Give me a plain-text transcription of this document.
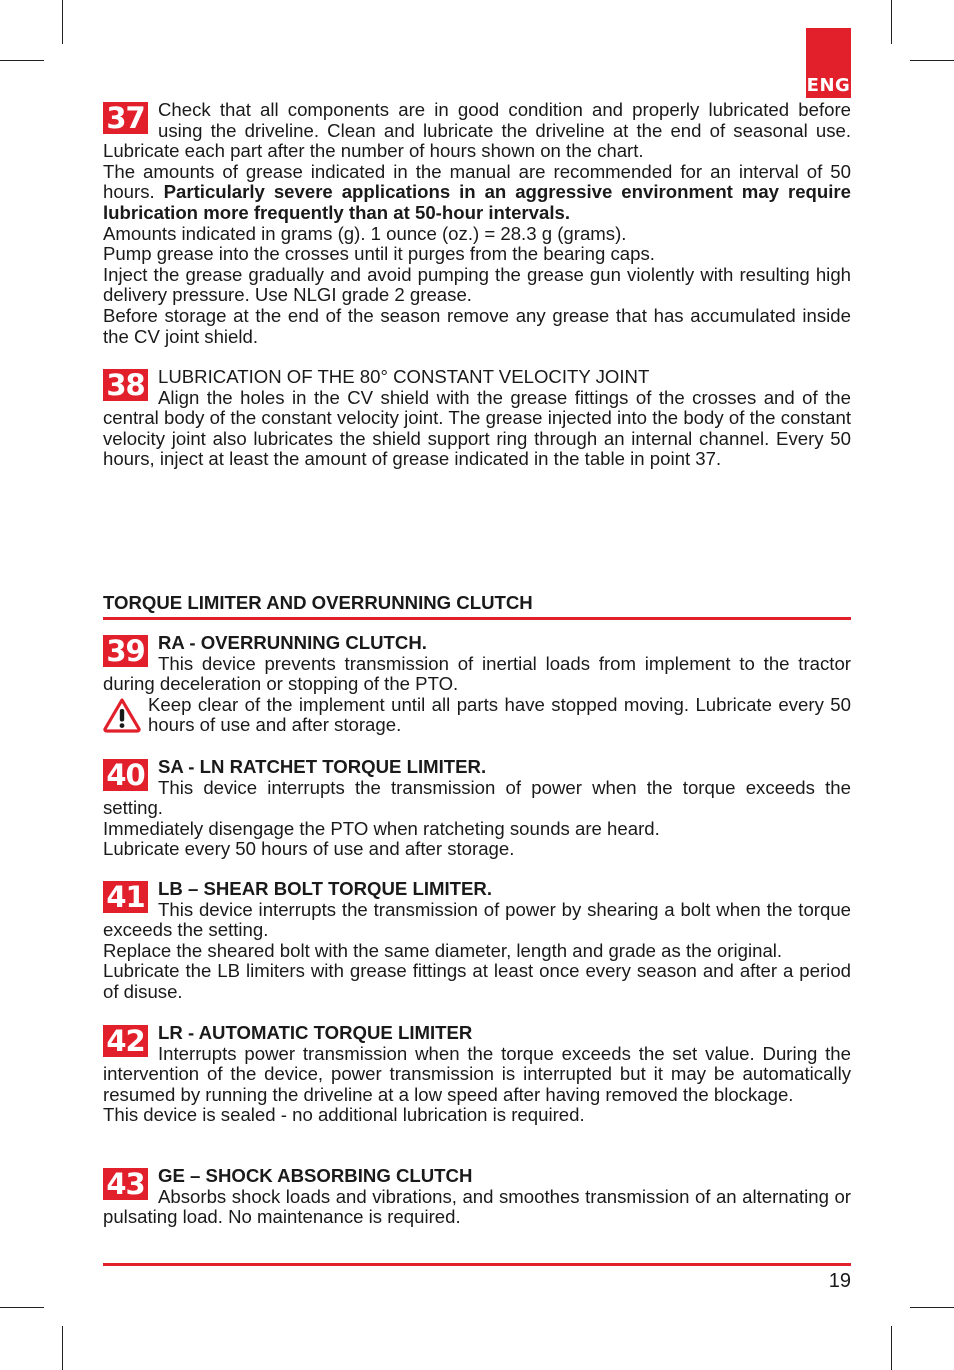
ENG
37 Check that all components are in good condition and properly lubricated before using the driveline. Clean and lubricate the driveline at the end of seasonal use. Lubricate each part after the number of hours shown on the chart.

The amounts of grease indicated in the manual are recommended for an interval of 50 hours. Particularly severe applications in an aggressive environment may require lubrication more frequently than at 50-hour intervals.

Amounts indicated in grams (g). 1 ounce (oz.) = 28.3 g (grams).

Pump grease into the crosses until it purges from the bearing caps.

Inject the grease gradually and avoid pumping the grease gun violently with resulting high delivery pressure. Use NLGI grade 2 grease.

Before storage at the end of the season remove any grease that has accumulated inside the CV joint shield.

38 LUBRICATION OF THE 80° CONSTANT VELOCITY JOINT

Align the holes in the CV shield with the grease fittings of the crosses and of the central body of the constant velocity joint. The grease injected into the body of the constant velocity joint also lubricates the shield support ring through an internal channel. Every 50 hours, inject at least the amount of grease indicated in the table in point 37.

TORQUE LIMITER AND OVERRUNNING CLUTCH
39 RA - OVERRUNNING CLUTCH.

This device prevents transmission of inertial loads from implement to the tractor during deceleration or stopping of the PTO.

Keep clear of the implement until all parts have stopped moving. Lubricate every 50 hours of use and after storage.
40 SA - LN RATCHET TORQUE LIMITER.

This device interrupts the transmission of power when the torque exceeds the setting.

Immediately disengage the PTO when ratcheting sounds are heard.

Lubricate every 50 hours of use and after storage.

41 LB – SHEAR BOLT TORQUE LIMITER.

This device interrupts the transmission of power by shearing a bolt when the torque exceeds the setting.

Replace the sheared bolt with the same diameter, length and grade as the original.

Lubricate the LB limiters with grease fittings at least once every season and after a period of disuse.

42 LR - AUTOMATIC TORQUE LIMITER

Interrupts power transmission when the torque exceeds the set value. During the intervention of the device, power transmission is interrupted but it may be automatically resumed by running the driveline at a low speed after having removed the blockage.

This device is sealed - no additional lubrication is required.

43 GE – SHOCK ABSORBING CLUTCH

Absorbs shock loads and vibrations, and smoothes transmission of an alternating or pulsating load. No maintenance is required.

19
